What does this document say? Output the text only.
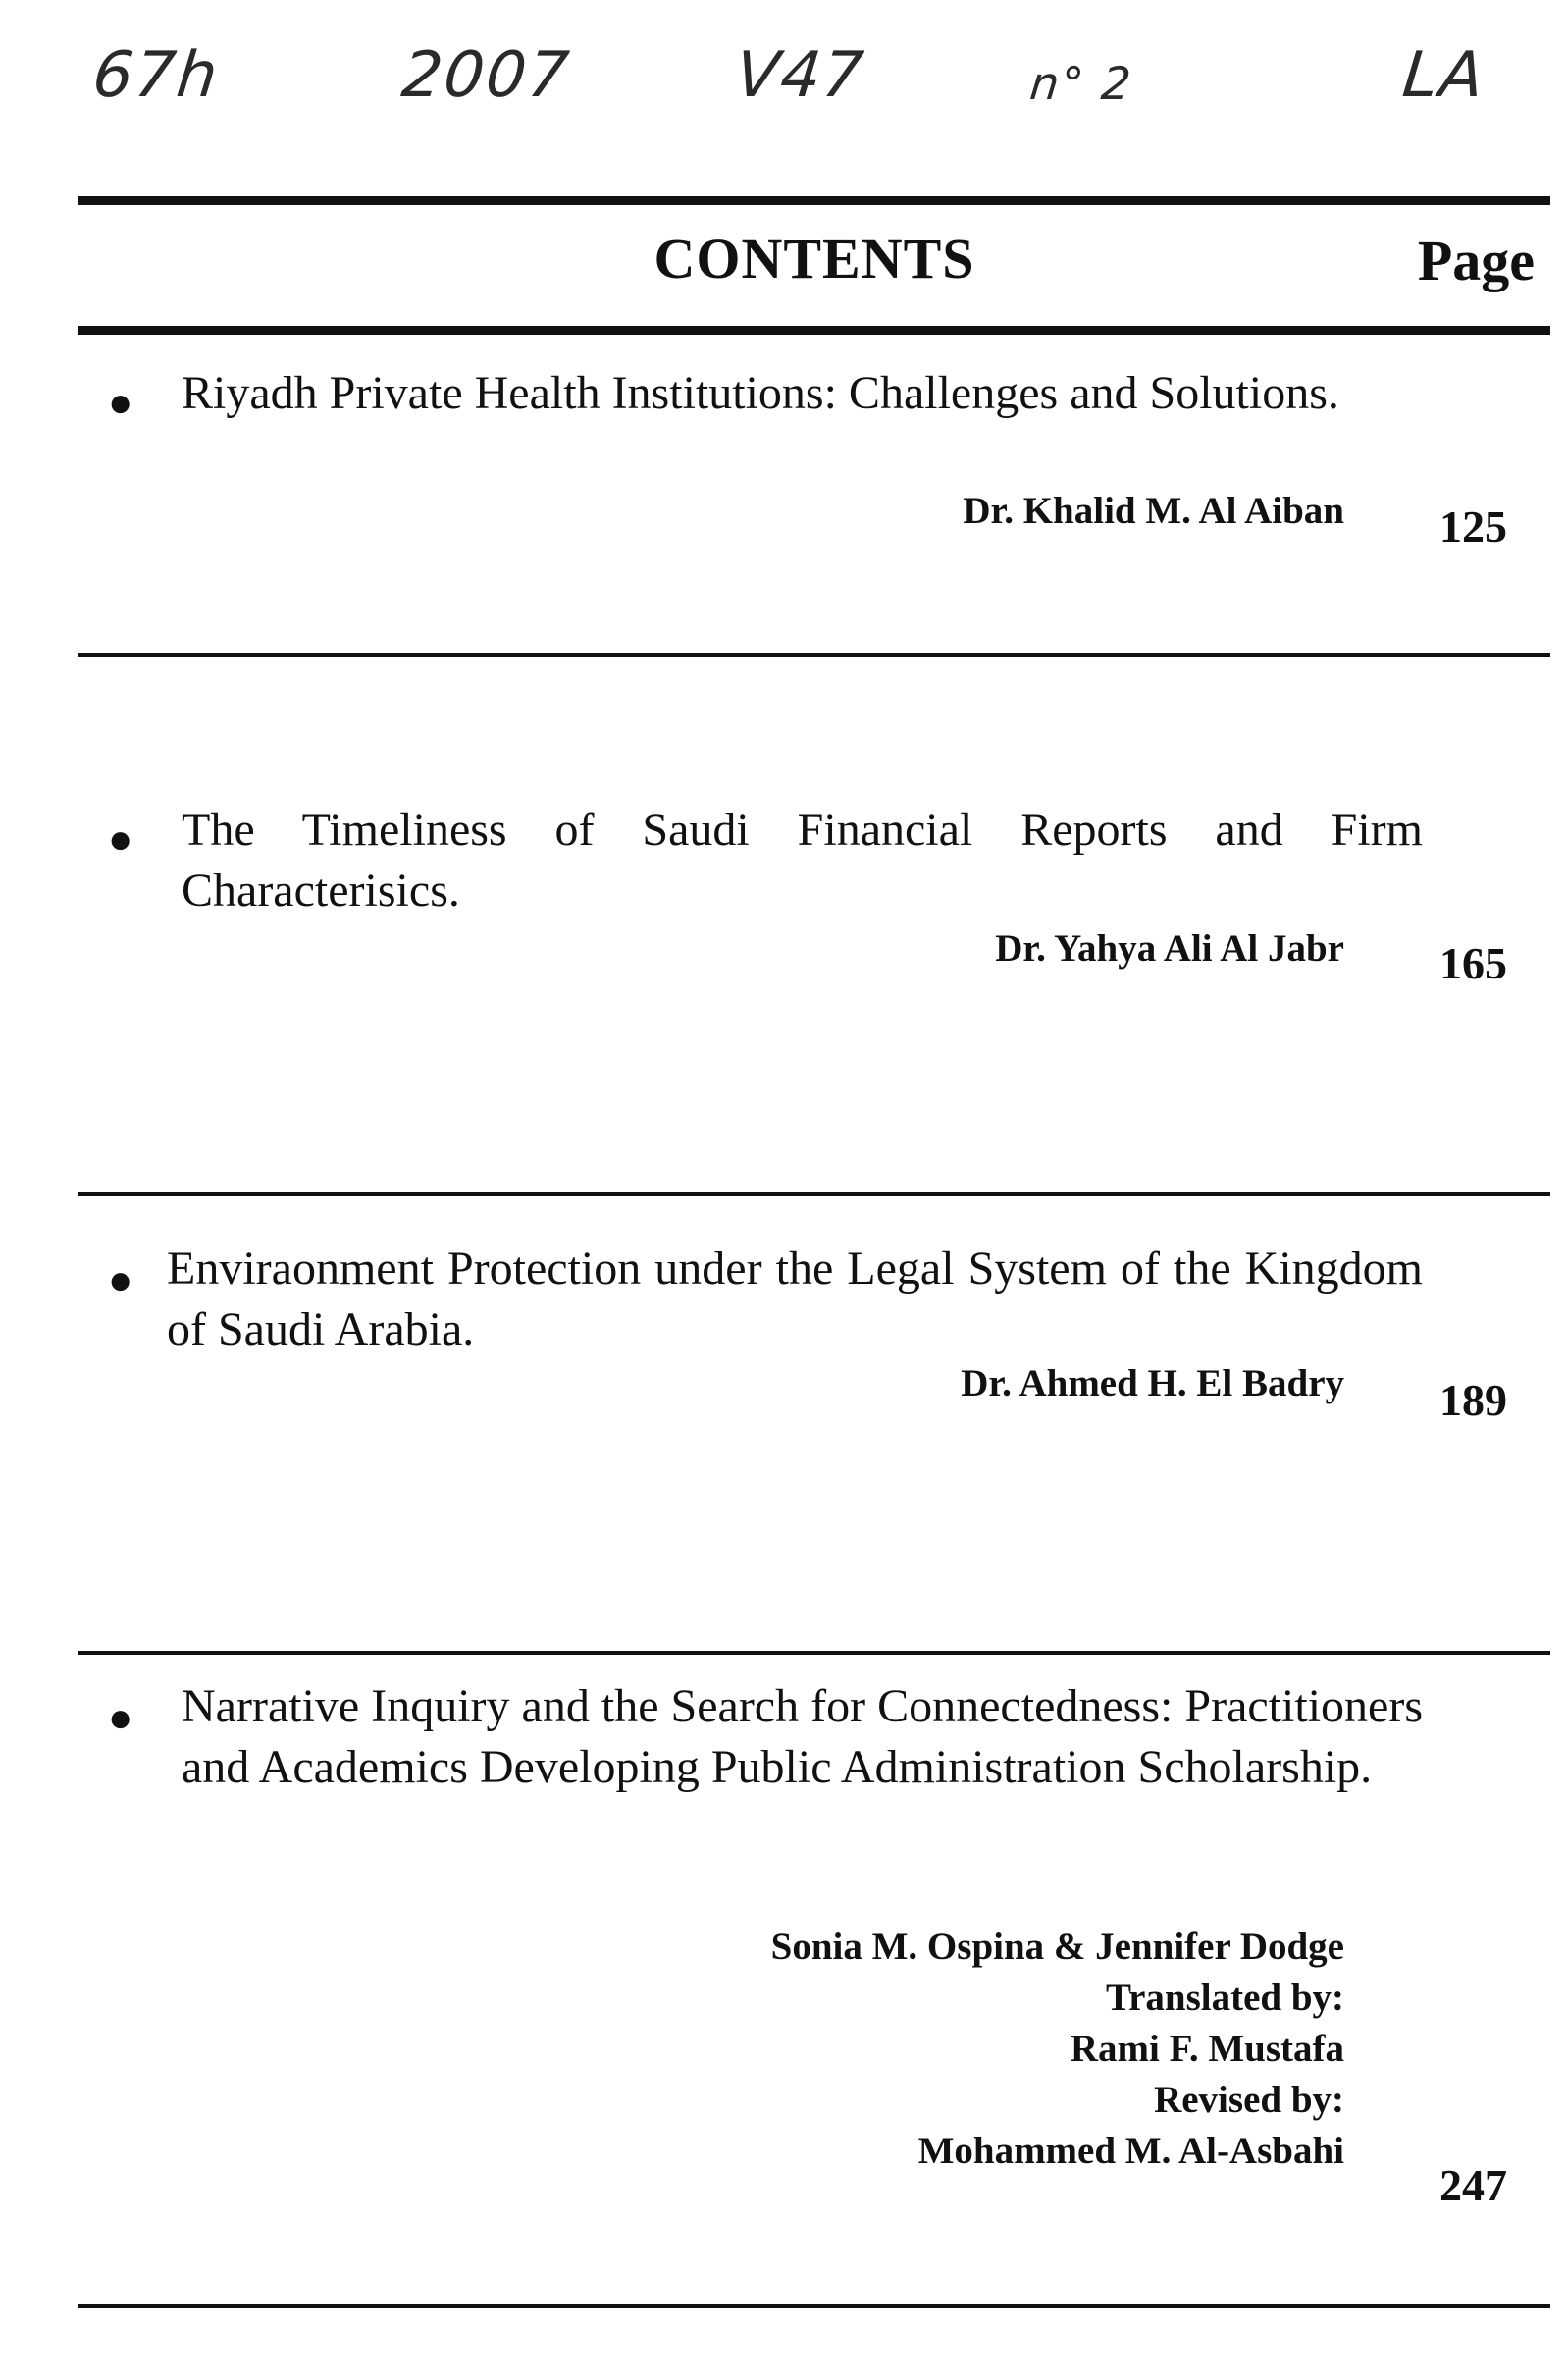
67h	2007	V47	n° 2	LA
CONTENTS	Page
● Riyadh Private Health Institutions: Challenges and Solutions.
Dr. Khalid M. Al Aiban 125
● The Timeliness of Saudi Financial Reports and Firm Characterisics.
Dr. Yahya Ali Al Jabr 165
● Enviraonment Protection under the Legal System of the Kingdom of Saudi Arabia.
Dr. Ahmed H. El Badry 189
● Narrative Inquiry and the Search for Connectedness: Practitioners and Academics Developing Public Administration Scholarship.
Sonia M. Ospina & Jennifer Dodge
Translated by:
Rami F. Mustafa
Revised by:
Mohammed M. Al-Asbahi
247
